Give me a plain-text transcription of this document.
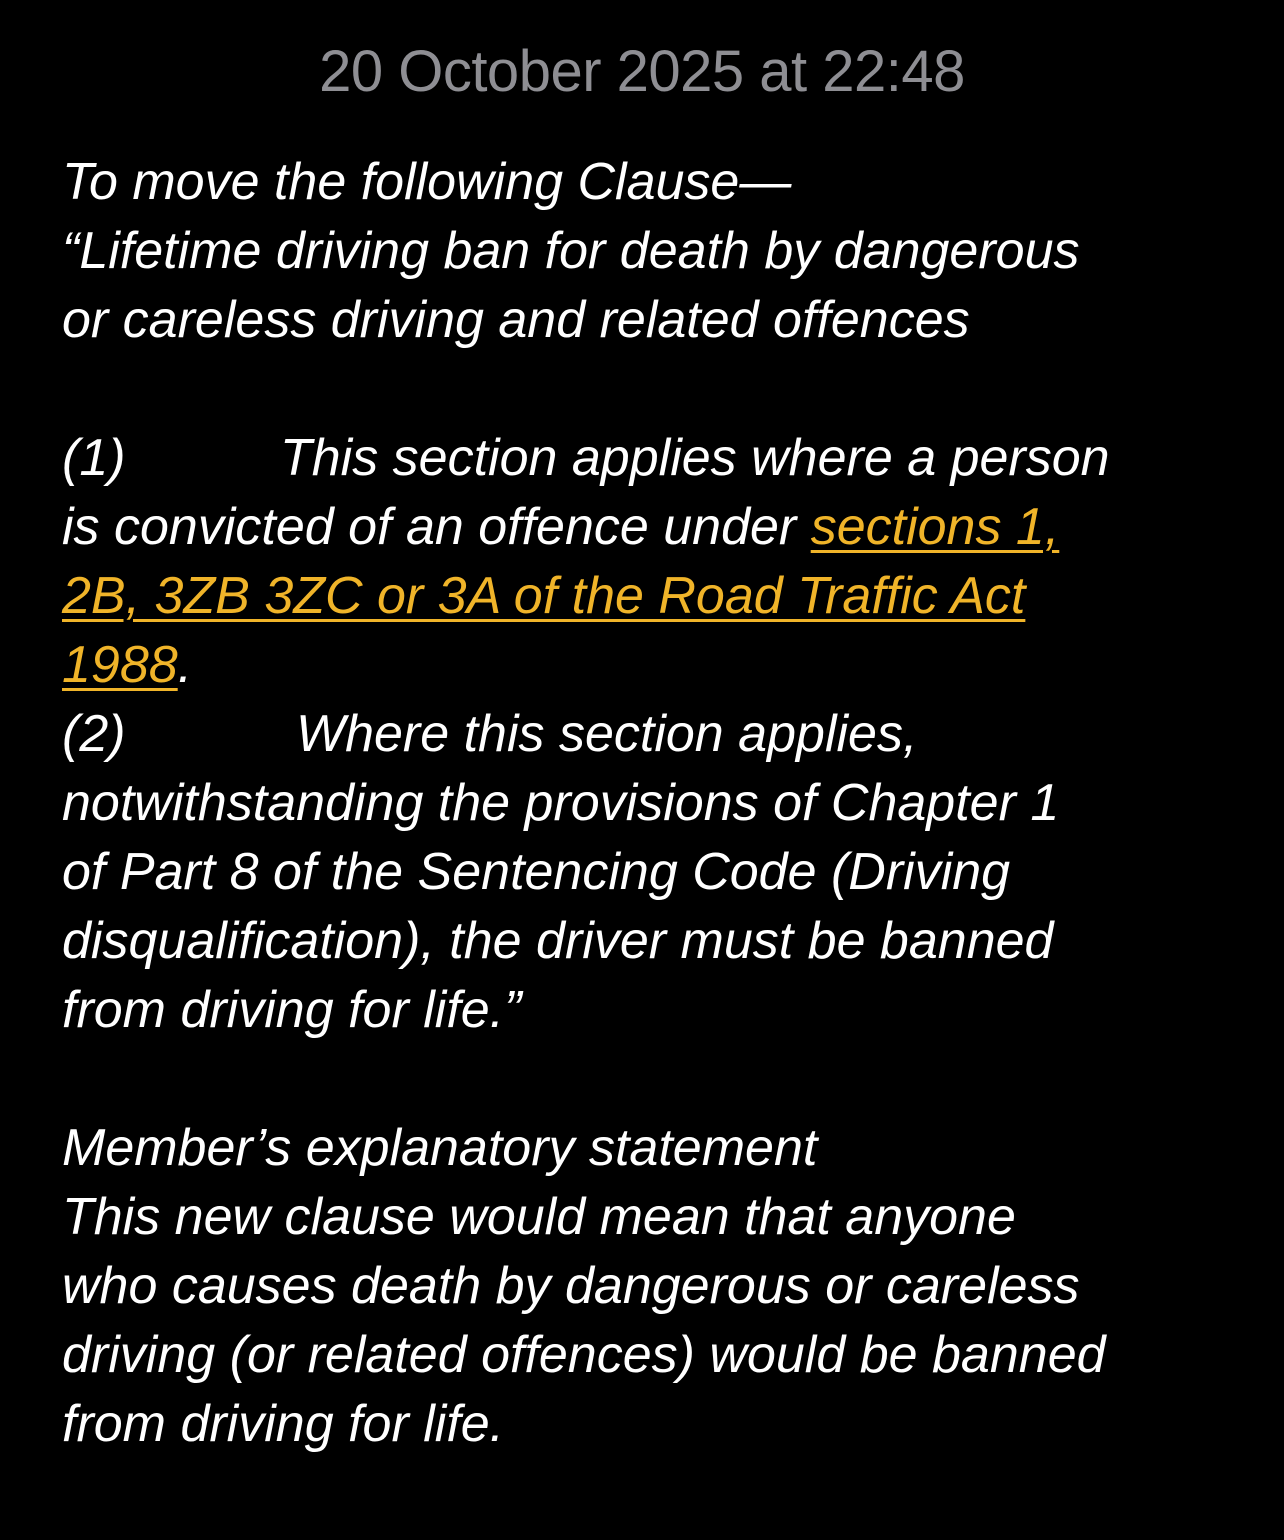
20 October 2025 at 22:48
To move the following Clause—
“Lifetime driving ban for death by dangerous
or careless driving and related offences
(1)	This section applies where a person
is convicted of an offence under sections 1,
2B, 3ZB 3ZC or 3A of the Road Traffic Act
1988.
(2)	Where this section applies,
notwithstanding the provisions of Chapter 1
of Part 8 of the Sentencing Code (Driving
disqualification), the driver must be banned
from driving for life.”
Member’s explanatory statement
This new clause would mean that anyone
who causes death by dangerous or careless
driving (or related offences) would be banned
from driving for life.
